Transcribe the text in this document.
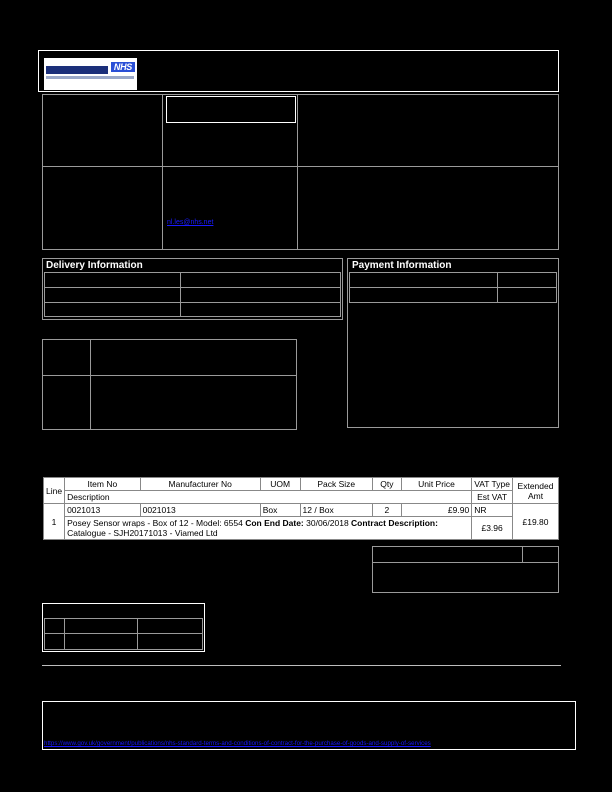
NHS
nl.les@nhs.net
Delivery Information	Payment Information
Line	Item No	Manufacturer No	UOM	Pack Size	Qty	Unit Price	VAT Type	Extended Amt
	Description						Est VAT	
1	0021013	0021013	Box	12 / Box	2	£9.90	NR	£19.80
	Posey Sensor wraps - Box of 12 - Model: 6554 Con End Date: 30/06/2018 Contract Description:
Catalogue - SJH20171013 - Viamed Ltd						£3.96	
https://www.gov.uk/government/publications/nhs-standard-terms-and-conditions-of-contract-for-the-purchase-of-goods-and-supply-of-services
